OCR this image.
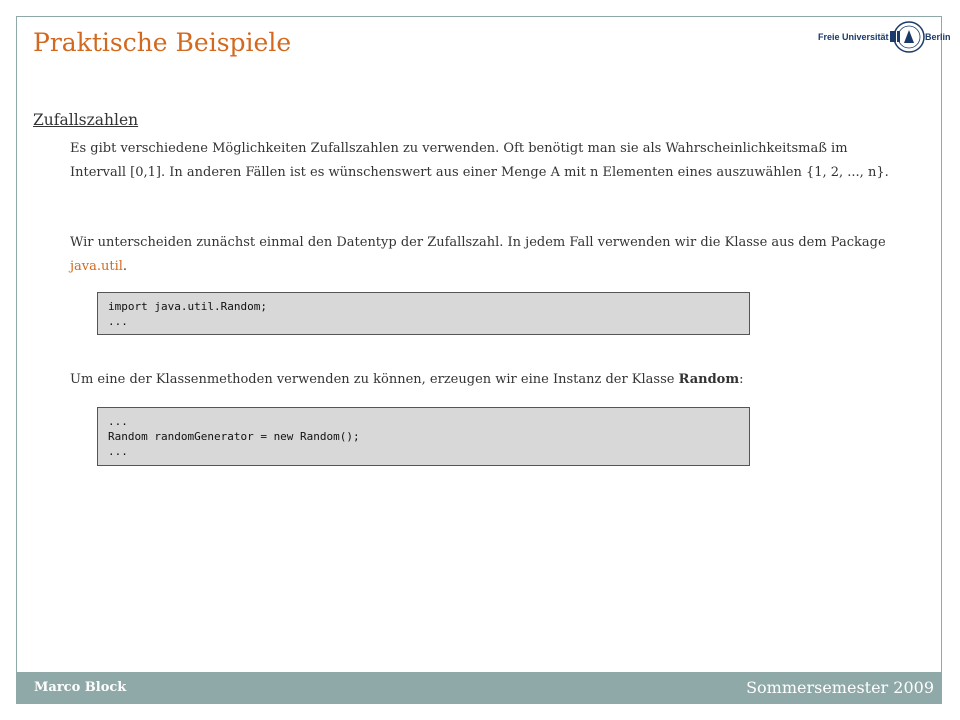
Praktische Beispiele	Freie Universität	Berlin
Zufallszahlen

Es gibt verschiedene Möglichkeiten Zufallszahlen zu verwenden. Oft benötigt man sie als Wahrscheinlichkeitsmaß im Intervall [0,1]. In anderen Fällen ist es wünschenswert aus einer Menge A mit n Elementen eines auszuwählen {1, 2, ..., n}.

Wir unterscheiden zunächst einmal den Datentyp der Zufallszahl. In jedem Fall verwenden wir die Klasse aus dem Package java.util.

import java.util.Random;
...

Um eine der Klassenmethoden verwenden zu können, erzeugen wir eine Instanz der Klasse Random:

...
Random randomGenerator = new Random();
...
Marco Block	Sommersemester 2009
